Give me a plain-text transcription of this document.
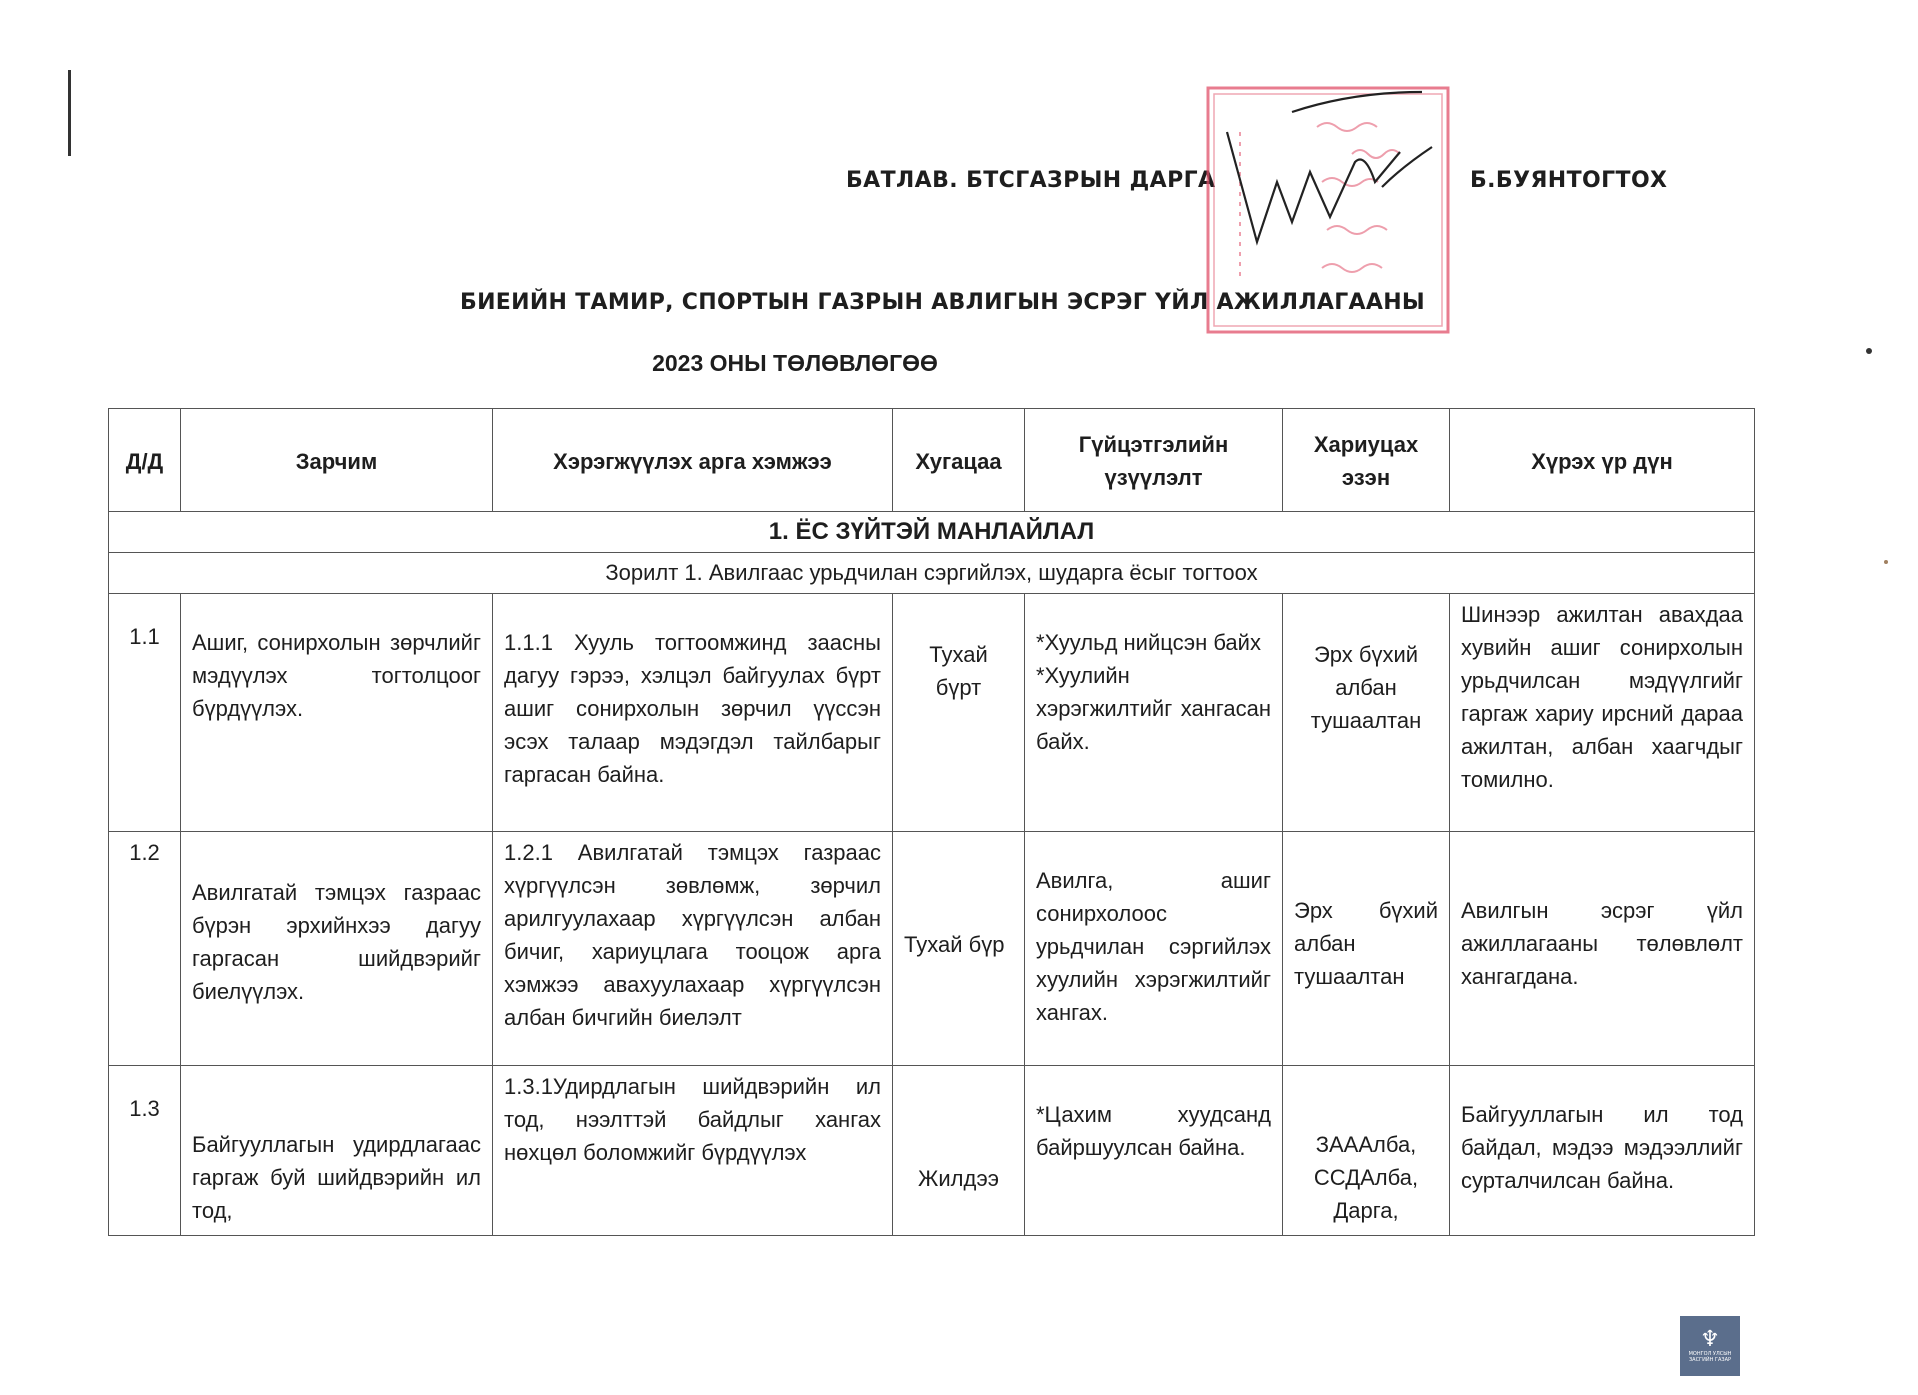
БАТЛАВ. БТСГАЗРЫН ДАРГА	Б.БУЯНТОГТОХ
БИЕИЙН ТАМИР, СПОРТЫН ГАЗРЫН АВЛИГЫН ЭСРЭГ ҮЙЛ АЖИЛЛАГААНЫ
2023 ОНЫ ТӨЛӨВЛӨГӨӨ
Д/Д	Зарчим	Хэрэгжүүлэх арга хэмжээ	Хугацаа	Гүйцэтгэлийн үзүүлэлт	Хариуцах эзэн	Хүрэх үр дүн
1. ЁС ЗҮЙТЭЙ МАНЛАЙЛАЛ						
Зорилт 1. Авилгаас урьдчилан сэргийлэх, шударга ёсыг тогтоох						
1.1	Ашиг, сонирхолын зөрчлийг мэдүүлэх тогтолцоог бүрдүүлэх.	1.1.1 Хууль тогтоомжинд заасны дагуу гэрээ, хэлцэл байгуулах бүрт ашиг сонирхолын зөрчил үүссэн эсэх талаар мэдэгдэл тайлбарыг гаргасан байна.	Тухай бүрт	*Хуульд нийцсэн байх
*Хуулийн хэрэгжилтийг хангасан байх.	Эрх бүхий албан тушаалтан	Шинээр ажилтан авахдаа хувийн ашиг сонирхолын урьдчилсан мэдүүлгийг гаргаж хариу ирсний дараа ажилтан, албан хаагчдыг томилно.
1.2	Авилгатай тэмцэх газраас бүрэн эрхийнхээ дагуу гаргасан шийдвэрийг биелүүлэх.	1.2.1 Авилгатай тэмцэх газраас хүргүүлсэн зөвлөмж, зөрчил арилгуулахаар хүргүүлсэн албан бичиг, хариуцлага тооцож арга хэмжээ авахуулахаар хүргүүлсэн албан бичгийн биелэлт	Тухай бүр	Авилга, ашиг сонирхолоос урьдчилан сэргийлэх хуулийн хэрэгжилтийг хангах.	Эрх бүхий албан тушаалтан	Авилгын эсрэг үйл ажиллагааны төлөвлөлт хангагдана.
1.3	Байгууллагын удирдлагаас гаргаж буй шийдвэрийн ил тод,	1.3.1Удирдлагын шийдвэрийн ил тод, нээлттэй байдлыг хангах нөхцөл боломжийг бүрдүүлэх	Жилдээ	*Цахим хуудсанд байршуулсан байна.	ЗАААлба, ССДАлба, Дарга,	Байгууллагын ил тод байдал, мэдээ мэдээллийг сурталчилсан байна.
♆
МОНГОЛ УЛСЫН ЗАСГИЙН ГАЗАР
